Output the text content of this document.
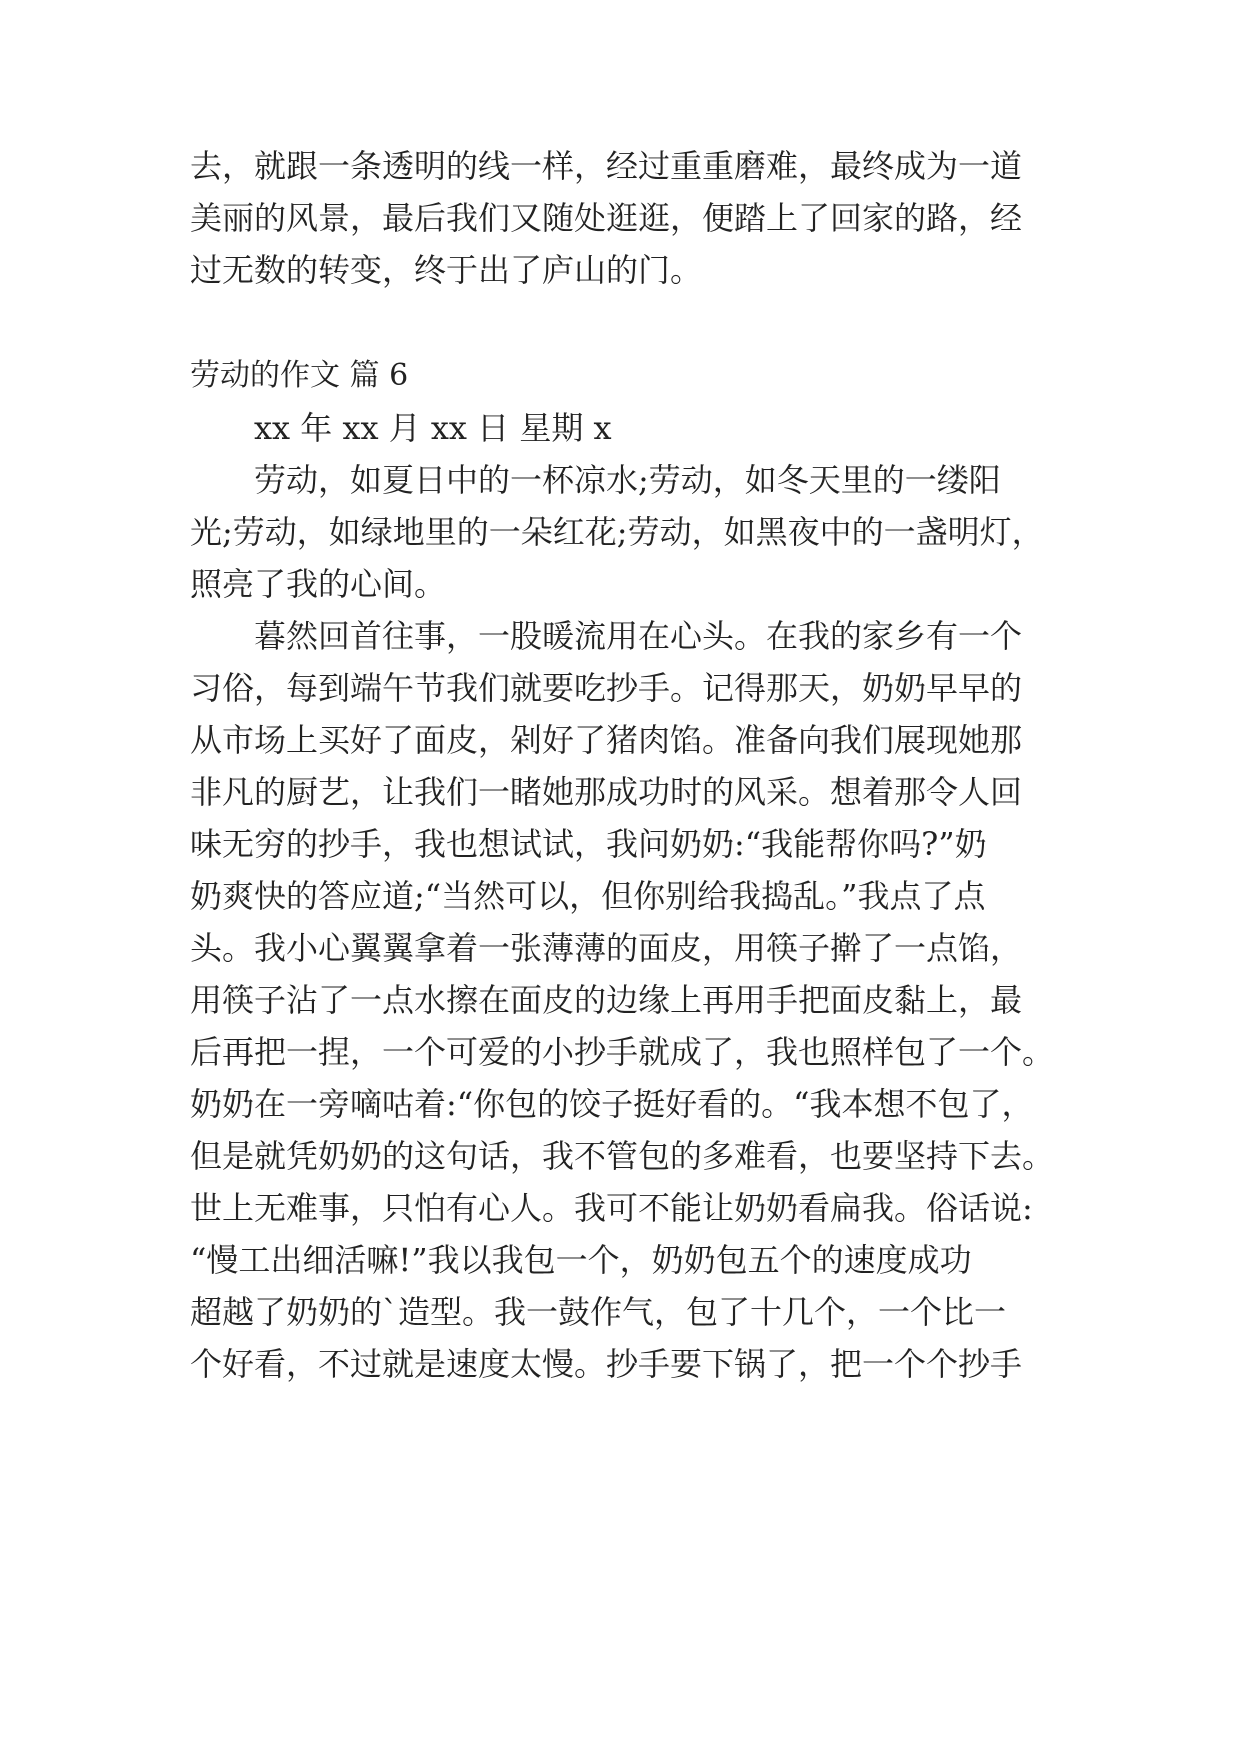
去，就跟一条透明的线一样，经过重重磨难，最终成为一道
美丽的风景，最后我们又随处逛逛，便踏上了回家的路，经
过无数的转变，终于出了庐山的门。
劳动的作文 篇 6
xx 年 xx 月 xx 日 星期 x
劳动，如夏日中的一杯凉水;劳动，如冬天里的一缕阳
光;劳动，如绿地里的一朵红花;劳动，如黑夜中的一盏明灯，
照亮了我的心间。
暮然回首往事，一股暖流用在心头。在我的家乡有一个
习俗，每到端午节我们就要吃抄手。记得那天，奶奶早早的
从市场上买好了面皮，剁好了猪肉馅。准备向我们展现她那
非凡的厨艺，让我们一睹她那成功时的风采。想着那令人回
味无穷的抄手，我也想试试，我问奶奶:“我能帮你吗?”奶
奶爽快的答应道;“当然可以，但你别给我捣乱。”我点了点
头。我小心翼翼拿着一张薄薄的面皮，用筷子擀了一点馅，
用筷子沾了一点水擦在面皮的边缘上再用手把面皮黏上，最
后再把一捏，一个可爱的小抄手就成了，我也照样包了一个。
奶奶在一旁嘀咕着:“你包的饺子挺好看的。“我本想不包了，
但是就凭奶奶的这句话，我不管包的多难看，也要坚持下去。
世上无难事，只怕有心人。我可不能让奶奶看扁我。俗话说:
“慢工出细活嘛!”我以我包一个，奶奶包五个的速度成功
超越了奶奶的`造型。我一鼓作气，包了十几个，一个比一
个好看，不过就是速度太慢。抄手要下锅了，把一个个抄手
